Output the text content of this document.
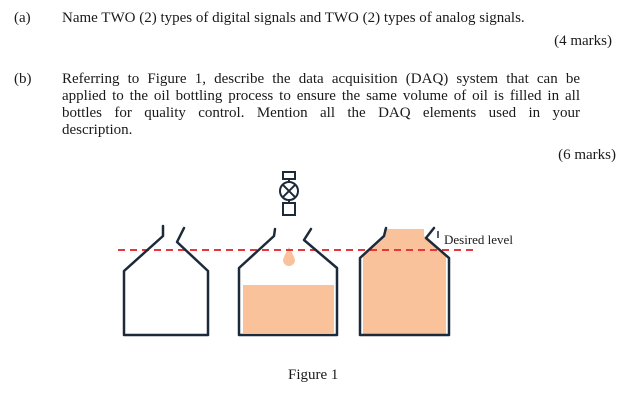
(a) Name TWO (2) types of digital signals and TWO (2) types of analog signals.
(4 marks)
(b) Referring to Figure 1, describe the data acquisition (DAQ) system that can be
applied to the oil bottling process to ensure the same volume of oil is filled in all
bottles for quality control. Mention all the DAQ elements used in your
description.
(6 marks)
Desired level
Figure 1
